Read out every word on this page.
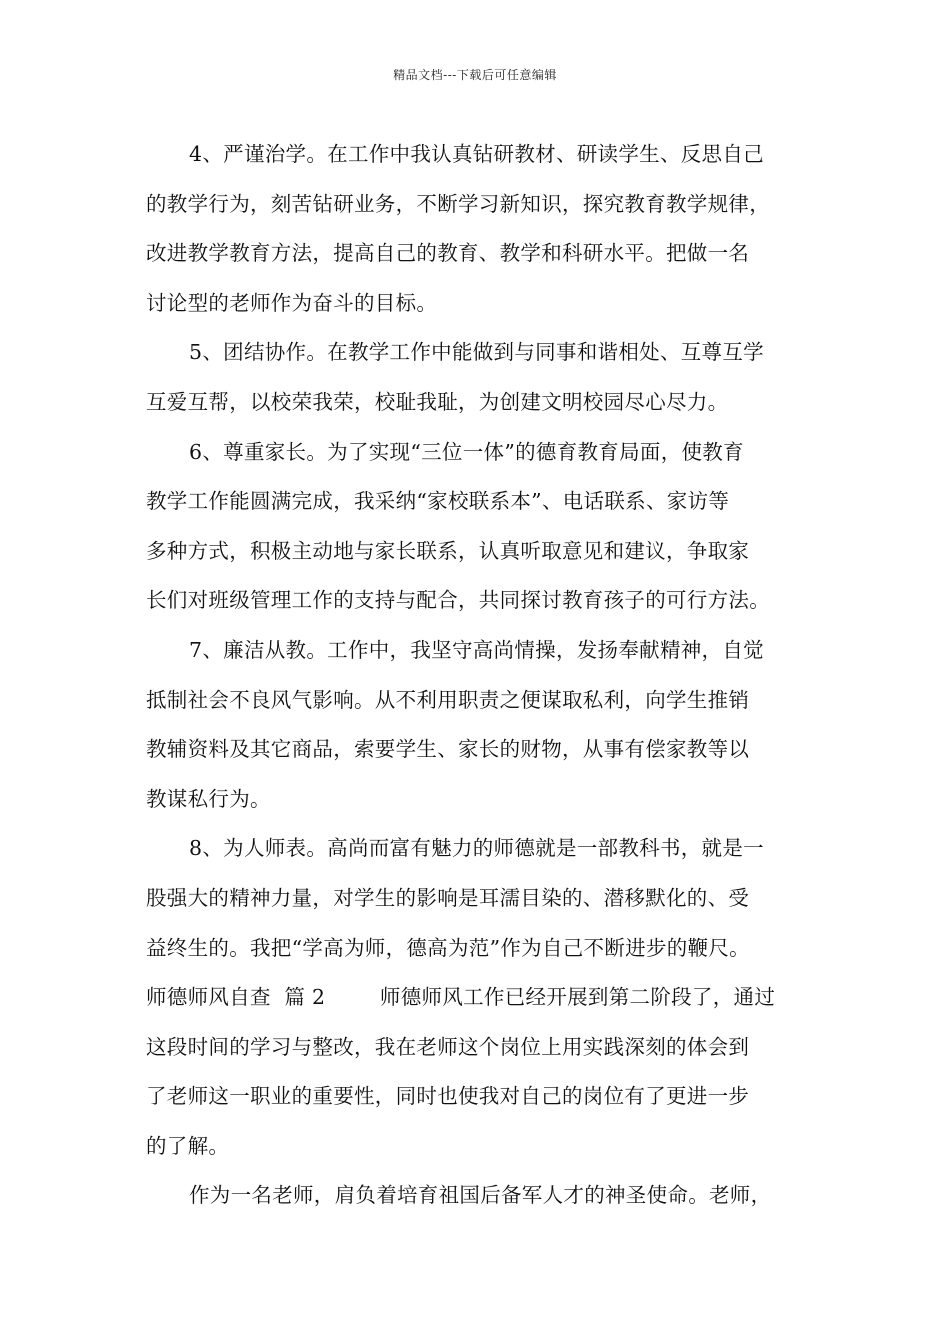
精品文档---下载后可任意编辑
4、严谨治学。在工作中我认真钻研教材、研读学生、反思自己
的教学行为，刻苦钻研业务，不断学习新知识，探究教育教学规律，
改进教学教育方法，提高自己的教育、教学和科研水平。把做一名
讨论型的老师作为奋斗的目标。
5、团结协作。在教学工作中能做到与同事和谐相处、互尊互学
互爱互帮，以校荣我荣，校耻我耻，为创建文明校园尽心尽力。
6、尊重家长。为了实现“三位一体”的德育教育局面，使教育
教学工作能圆满完成，我采纳“家校联系本”、电话联系、家访等
多种方式，积极主动地与家长联系，认真听取意见和建议，争取家
长们对班级管理工作的支持与配合，共同探讨教育孩子的可行方法。
7、廉洁从教。工作中，我坚守高尚情操，发扬奉献精神，自觉
抵制社会不良风气影响。从不利用职责之便谋取私利，向学生推销
教辅资料及其它商品，索要学生、家长的财物，从事有偿家教等以
教谋私行为。
8、为人师表。高尚而富有魅力的师德就是一部教科书，就是一
股强大的精神力量，对学生的影响是耳濡目染的、潜移默化的、受
益终生的。我把“学高为师，德高为范”作为自己不断进步的鞭尺。
师德师风自查  篇 2        师德师风工作已经开展到第二阶段了，通过
这段时间的学习与整改，我在老师这个岗位上用实践深刻的体会到
了老师这一职业的重要性，同时也使我对自己的岗位有了更进一步
的了解。
作为一名老师，肩负着培育祖国后备军人才的神圣使命。老师，
